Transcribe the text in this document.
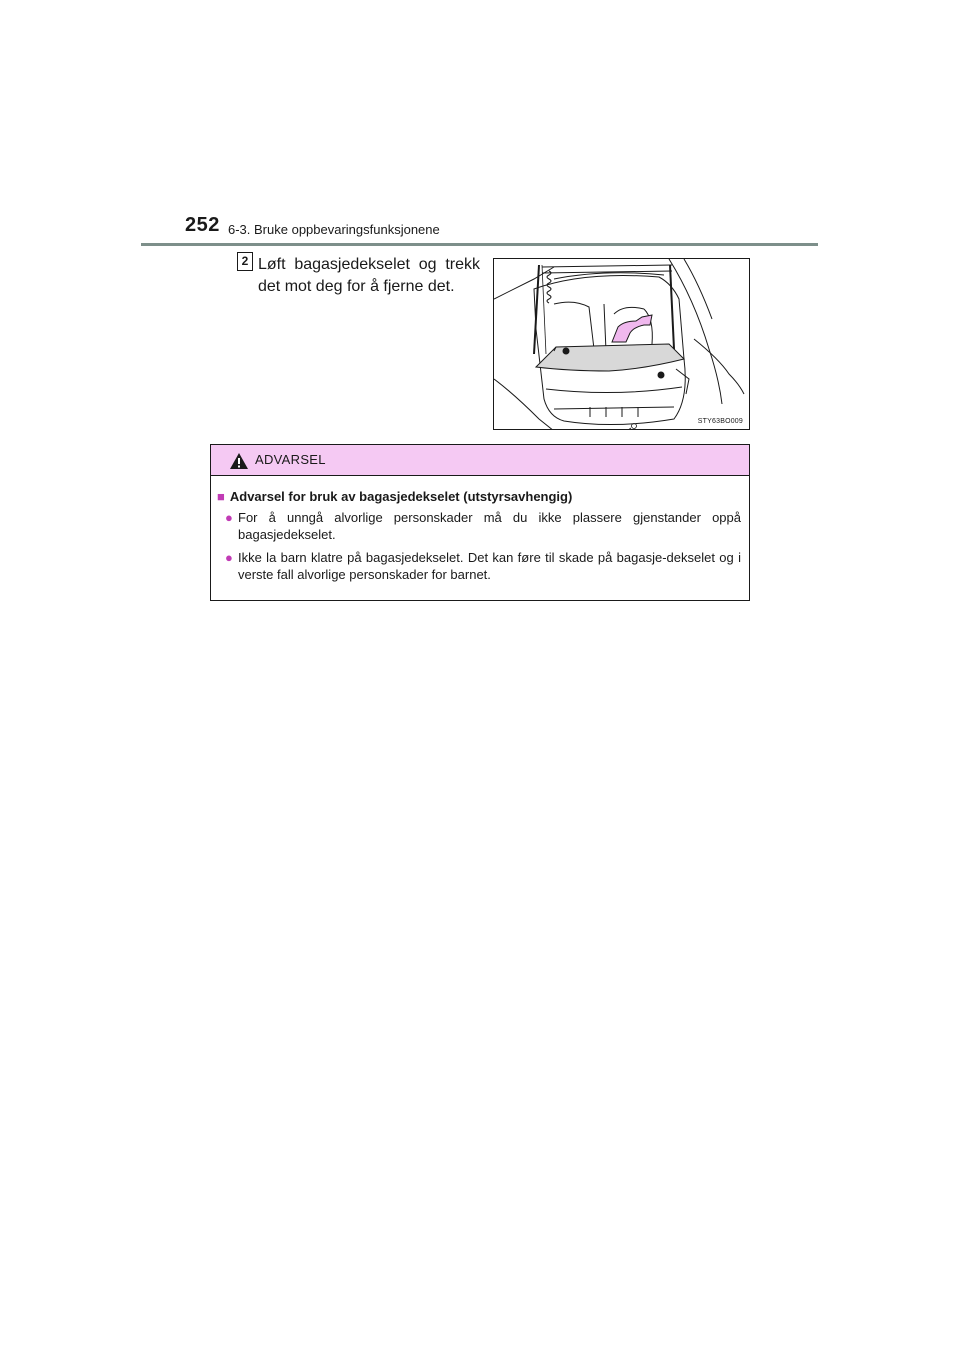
252 6-3. Bruke oppbevaringsfunksjonene
2 Løft bagasjedekselet og trekk det mot deg for å fjerne det.
STY63BO009
ADVARSEL
■ Advarsel for bruk av bagasjedekselet (utstyrsavhengig)
● For å unngå alvorlige personskader må du ikke plassere gjenstander oppå bagasjedekselet.
● Ikke la barn klatre på bagasjedekselet. Det kan føre til skade på bagasje-dekselet og i verste fall alvorlige personskader for barnet.
